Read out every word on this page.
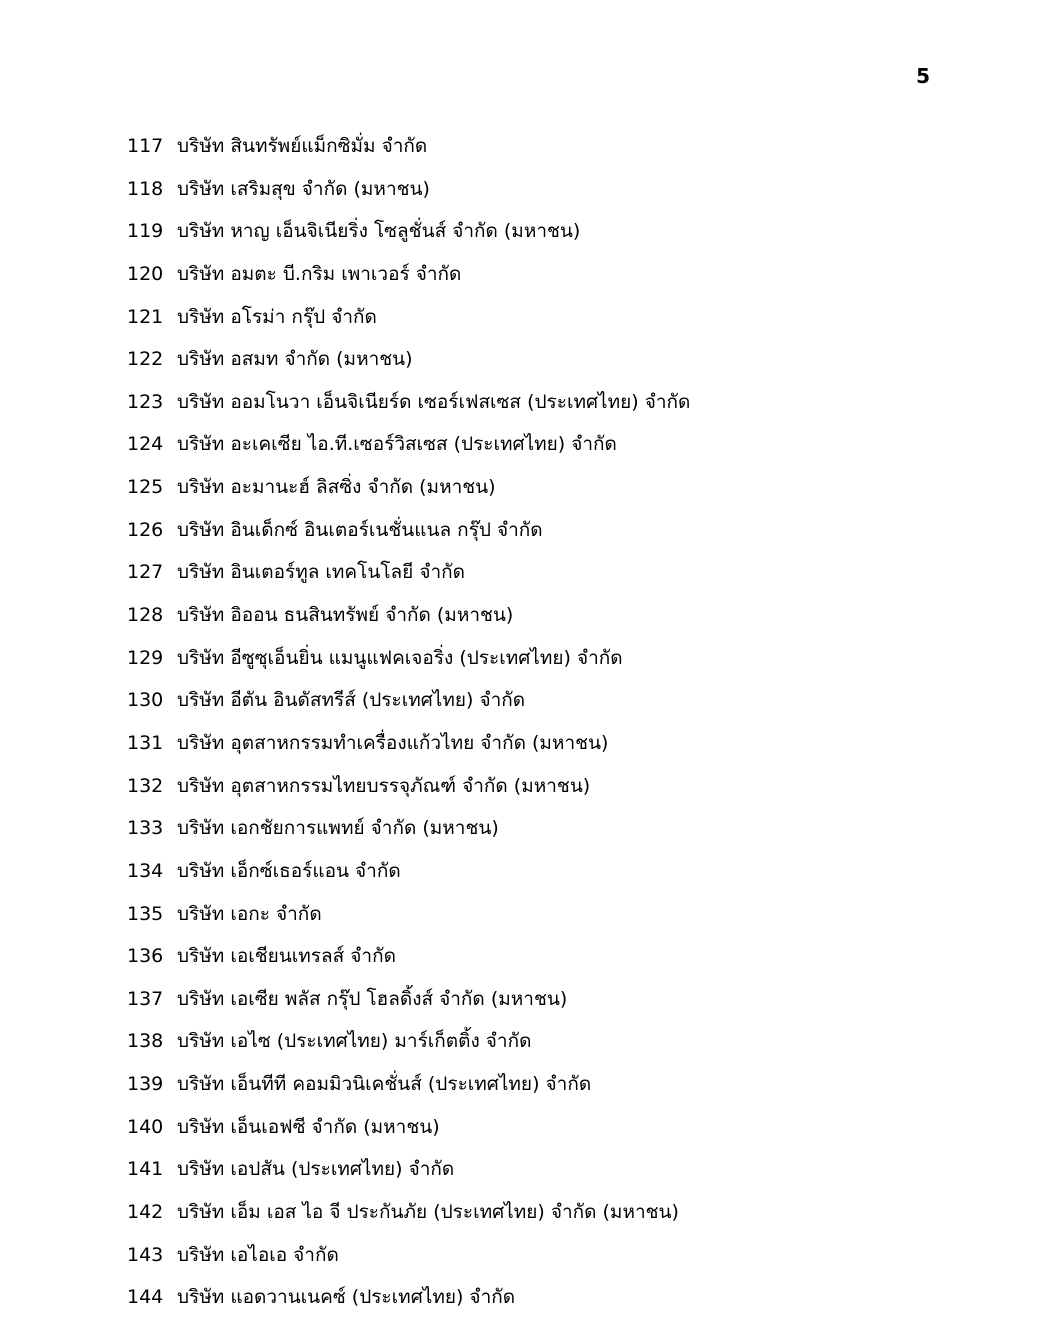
5
117 บริษัท สินทรัพย์แม็กซิมั่ม จำกัด
118 บริษัท เสริมสุข จำกัด (มหาชน)
119 บริษัท หาญ เอ็นจิเนียริ่ง โซลูชั่นส์ จำกัด (มหาชน)
120 บริษัท อมตะ บี.กริม เพาเวอร์ จำกัด
121 บริษัท อโรม่า กรุ๊ป จำกัด
122 บริษัท อสมท จำกัด (มหาชน)
123 บริษัท ออมโนวา เอ็นจิเนียร์ด เซอร์เฟสเซส (ประเทศไทย) จำกัด
124 บริษัท อะเคเซีย ไอ.ที.เซอร์วิสเซส (ประเทศไทย) จำกัด
125 บริษัท อะมานะฮ์ ลิสซิ่ง จำกัด (มหาชน)
126 บริษัท อินเด็กซ์ อินเตอร์เนชั่นแนล กรุ๊ป จำกัด
127 บริษัท อินเตอร์ทูล เทคโนโลยี จำกัด
128 บริษัท อิออน ธนสินทรัพย์ จำกัด (มหาชน)
129 บริษัท อีซูซุเอ็นยิ่น แมนูแฟคเจอริ่ง (ประเทศไทย) จำกัด
130 บริษัท อีตัน อินดัสทรีส์ (ประเทศไทย) จำกัด
131 บริษัท อุตสาหกรรมทำเครื่องแก้วไทย จำกัด (มหาชน)
132 บริษัท อุตสาหกรรมไทยบรรจุภัณฑ์ จำกัด (มหาชน)
133 บริษัท เอกชัยการแพทย์ จำกัด (มหาชน)
134 บริษัท เอ็กซ์เธอร์แอน จำกัด
135 บริษัท เอกะ จำกัด
136 บริษัท เอเชียนเทรลส์ จำกัด
137 บริษัท เอเซีย พลัส กรุ๊ป โฮลดิ้งส์ จำกัด (มหาชน)
138 บริษัท เอไซ (ประเทศไทย) มาร์เก็ตติ้ง จำกัด
139 บริษัท เอ็นทีที คอมมิวนิเคชั่นส์ (ประเทศไทย) จำกัด
140 บริษัท เอ็นเอฟซี จำกัด (มหาชน)
141 บริษัท เอปสัน (ประเทศไทย) จำกัด
142 บริษัท เอ็ม เอส ไอ จี ประกันภัย (ประเทศไทย) จำกัด (มหาชน)
143 บริษัท เอไอเอ จำกัด
144 บริษัท แอดวานเนคซ์ (ประเทศไทย) จำกัด
